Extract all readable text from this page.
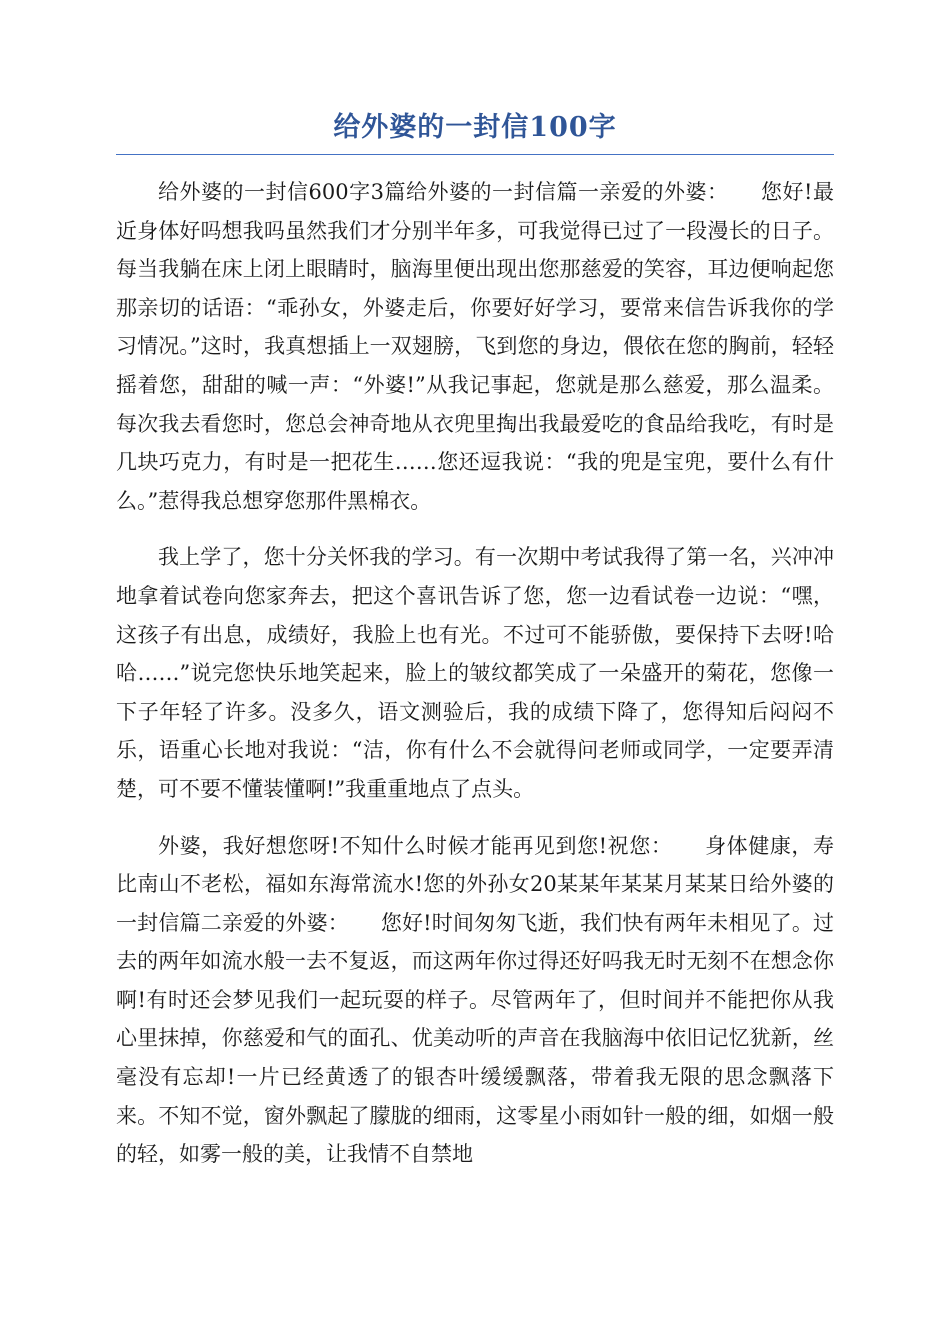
给外婆的一封信100字

给外婆的一封信600字3篇给外婆的一封信篇一亲爱的外婆：　　您好!最近身体好吗想我吗虽然我们才分别半年多，可我觉得已过了一段漫长的日子。每当我躺在床上闭上眼睛时，脑海里便出现出您那慈爱的笑容，耳边便响起您那亲切的话语：“乖孙女，外婆走后，你要好好学习，要常来信告诉我你的学习情况。”这时，我真想插上一双翅膀，飞到您的身边，偎依在您的胸前，轻轻摇着您，甜甜的喊一声：“外婆!”从我记事起，您就是那么慈爱，那么温柔。每次我去看您时，您总会神奇地从衣兜里掏出我最爱吃的食品给我吃，有时是几块巧克力，有时是一把花生……您还逗我说：“我的兜是宝兜，要什么有什么。”惹得我总想穿您那件黑棉衣。

我上学了，您十分关怀我的学习。有一次期中考试我得了第一名，兴冲冲地拿着试卷向您家奔去，把这个喜讯告诉了您，您一边看试卷一边说：“嘿，这孩子有出息，成绩好，我脸上也有光。不过可不能骄傲，要保持下去呀!哈哈……”说完您快乐地笑起来，脸上的皱纹都笑成了一朵盛开的菊花，您像一下子年轻了许多。没多久，语文测验后，我的成绩下降了，您得知后闷闷不乐，语重心长地对我说：“洁，你有什么不会就得问老师或同学，一定要弄清楚，可不要不懂装懂啊!”我重重地点了点头。

外婆，我好想您呀!不知什么时候才能再见到您!祝您：　　身体健康，寿比南山不老松，福如东海常流水!您的外孙女20某某年某某月某某日给外婆的一封信篇二亲爱的外婆：　　您好!时间匆匆飞逝，我们快有两年未相见了。过去的两年如流水般一去不复返，而这两年你过得还好吗我无时无刻不在想念你啊!有时还会梦见我们一起玩耍的样子。尽管两年了，但时间并不能把你从我心里抹掉，你慈爱和气的面孔、优美动听的声音在我脑海中依旧记忆犹新，丝毫没有忘却!一片已经黄透了的银杏叶缓缓飘落，带着我无限的思念飘落下来。不知不觉，窗外飘起了朦胧的细雨，这零星小雨如针一般的细，如烟一般的轻，如雾一般的美，让我情不自禁地
